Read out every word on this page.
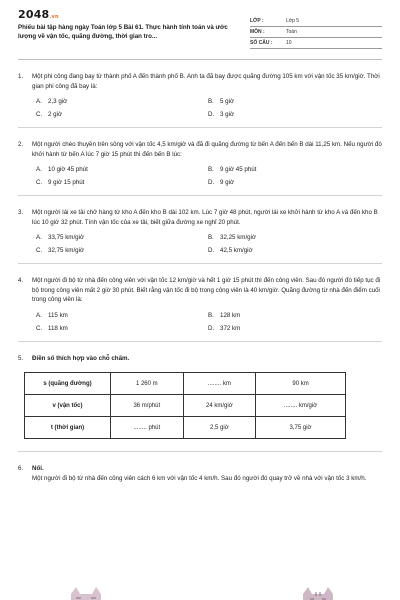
2048.vn
Phiếu bài tập hàng ngày Toán lớp 5 Bài 61. Thực hành tính toán và ước lượng về vận tốc, quãng đường, thời gian tro...
LỚP :	Lớp 5
MÔN :	Toán
SỐ CÂU :	10
1.	Một phi công đang bay từ thành phố A đến thành phố B. Anh ta đã bay được quãng đường 105 km với vận tốc 35 km/giờ. Thời gian phi công đã bay là:
A. 2,3 giờ	B. 5 giờ
C. 2 giờ	D. 3 giờ
2.	Một người chèo thuyền trên sông với vận tốc 4,5 km/giờ và đã đi quãng đường từ bến A đến bến B dài 11,25 km. Nếu người đó khởi hành từ bến A lúc 7 giờ 15 phút thì đến bến B lúc:
A. 10 giờ 45 phút	B. 9 giờ 45 phút
C. 9 giờ 15 phút	D. 9 giờ
3.	Một người lái xe tải chở hàng từ kho A đến kho B dài 102 km. Lúc 7 giờ 48 phút, người lái xe khởi hành từ kho A và đến kho B lúc 10 giờ 32 phút. Tính vận tốc của xe tải, biết giữa đường xe nghỉ 20 phút.
A. 33,75 km/giờ	B. 32,25 km/giờ
C. 32,75 km/giờ	D. 42,5 km/giờ
4.	Một người đi bộ từ nhà đến công viên với vận tốc 12 km/giờ và hết 1 giờ 15 phút thì đến công viên. Sau đó người đó tiếp tục đi bộ trong công viên mất 2 giờ 30 phút. Biết rằng vận tốc đi bộ trong công viên là 40 km/giờ. Quãng đường từ nhà đến điểm cuối trong công viên là:
A. 115 km	B. 128 km
C. 118 km	D. 372 km
5.	Điền số thích hợp vào chỗ chấm.
s (quãng đường)	1 260 m	........ km	90 km
v (vận tốc)	36 m/phút	24 km/giờ	........ km/giờ
t (thời gian)	........ phút	2,5 giờ	3,75 giờ
6.	Nối.
Một người đi bộ từ nhà đến công viên cách 6 km với vận tốc 4 km/h. Sau đó người đó quay trở về nhà với vận tốc 3 km/h.
